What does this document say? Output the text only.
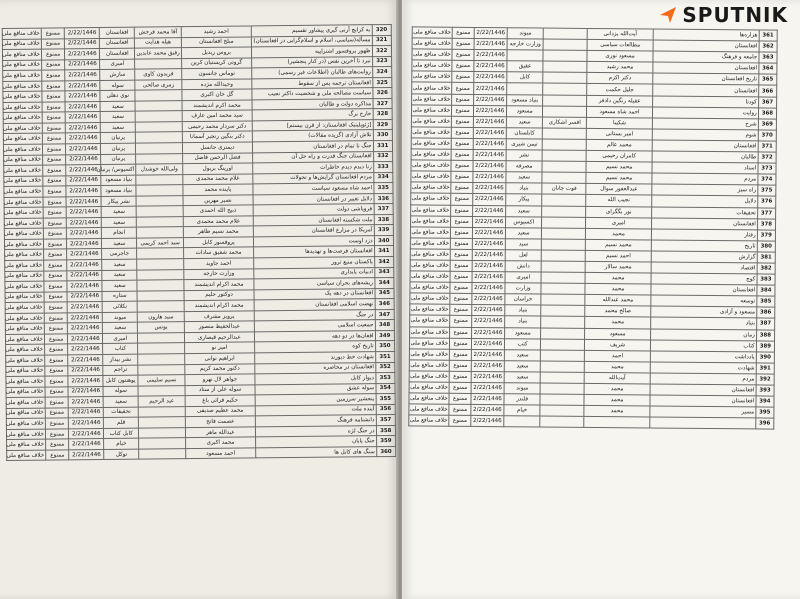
320	به کرایچ آرنی گیری پیشاور تقسیم	احمد رشید	آقا محمد فرجش	افغانستان	2/22/1446	ممنوع	خلاف منافع ملی
321	مسأله(سیاسی، اسلام و اسلام‌گرایی در افغانستان)	مبلخ افغانستان	هیله هدایت	افغانستان	2/22/1446	ممنوع	خلاف منافع ملی
322	ظهور پروفسور اشتراپیه	بروس ریدیل	رفیق محمد عابدین	افغانستان	2/22/1446	ممنوع	خلاف منافع ملی
323	نبرد تا آخرین نفس (در کنار پنجشیر)	گروتی کریستیان کرین		امیری	2/22/1446	ممنوع	خلاف منافع ملی
324	روایت‌های طالبان (اطلاعات غیر رسمی)	توماس جانسون	فریدون کاوی	سازش	2/22/1446	ممنوع	خلاف منافع ملی
325	افغانستان ترجمه پس از سقوط	وحیدالله مژده	زمری صالحی	سوله	2/22/1446	ممنوع	خلاف منافع ملی
326	سیاست مصالحه ملی و شخصیت داکتر نجیب	گل خان اکبری		نوی دهلی	2/22/1446	ممنوع	خلاف منافع ملی
327	مذاکره دولت و طالبان	محمد اکرم اندیشمند		سعید	2/22/1446	ممنوع	خلاف منافع ملی
328	خارج برگ	سید محمد امین عارف		سعید	2/22/1446	ممنوع	خلاف منافع ملی
329	[ژئوپلیتیک افغانستان: از قرن بیستم]	دکتر سردار محمد رحیمی		سعید	2/22/1446	ممنوع	خلاف منافع ملی
330	تلاش آزادی (گزیده مقالات)	دکتر بنگین رنجبر آسمانا		پرنیان	2/22/1446	ممنوع	خلاف منافع ملی
331	جنگ نا تمام در افغانستان	دیمتری جانسل		پرنیان	2/22/1446	ممنوع	خلاف منافع ملی
332	افغانستان جنگ قدرت و راه حل آن	فضل الرحمن فاضل		پرنیان	2/22/1446	ممنوع	خلاف منافع ملی
333	زنا دیدم دیدم خاطرات	اورینگ بربول	ولی‌الله خوشدل	اکسیوس/ پرنیان	2/22/1446	ممنوع	خلاف منافع ملی
334	مردم افغانستان گرایش‌ها و تحولات	غلام محمد محمدی		بنیاد مسعود	2/22/1446	ممنوع	خلاف منافع ملی
335	احمد شاه مسعود سیاست	پاینده محمد		بنیاد مسعود	2/22/1446	ممنوع	خلاف منافع ملی
336	دلایل تغییر در افغانستان	نصیر مهرین		نشر پیکار	2/22/1446	ممنوع	خلاف منافع ملی
337	فروپاشی دولت	ذبیح الله احمدی		سعید	2/22/1446	ممنوع	خلاف منافع ملی
338	ملت شکسته افغانستان	غلام محمد محمدی		سعید	2/22/1446	ممنوع	خلاف منافع ملی
339	آمریکا در مزارع افغانستان	محمد نسیم ظاهر		انجام	2/22/1446	ممنوع	خلاف منافع ملی
340	دزد اوست	پروفسور کابل	سید احمد کریمی	سعید	2/22/1446	ممنوع	خلاف منافع ملی
341	افغانستان فرصت‌ها و تهدیدها	محمد شفیق سادات		جاجرمی	2/22/1446	ممنوع	خلاف منافع ملی
342	پاکستان منبع ترور	احمد جاوید		سعید	2/22/1446	ممنوع	خلاف منافع ملی
343	ادبیات پایداری	وزارت خارجه		سعید	2/22/1446	ممنوع	خلاف منافع ملی
344	ریشه‌های بحران سیاسی	محمد اکرام اندیشمند		سعید	2/22/1446	ممنوع	خلاف منافع ملی
345	افغانستان در دهه یک	دوکتور حلیم		ستاره	2/22/1446	ممنوع	خلاف منافع ملی
346	نهضت اسلامی افغانستان	محمد اکرام اندیشمند		نکلائی	2/22/1446	ممنوع	خلاف منافع ملی
347	در جنگ	پرویز مشرف	سید هارون	میوند	2/22/1446	ممنوع	خلاف منافع ملی
348	جمعیت اسلامی	عبدالحفیظ منصور	یونس	سعید	2/22/1446	ممنوع	خلاف منافع ملی
349	افغان‌ها در دو دهه	عبدالرحیم قیصاری		امیری	2/22/1446	ممنوع	خلاف منافع ملی
350	تاریخ کوه	امیر نو		کتاب	2/22/1446	ممنوع	خلاف منافع ملی
351	شهادت خط دیورند	ابراهیم نوابی		نشر بیدار	2/22/1446	ممنوع	خلاف منافع ملی
352	افغانستان در محاصره	دکتور محمد کریم		تراجم	2/22/1446	ممنوع	خلاف منافع ملی
353	دیوار کابل	جواهر لال نهرو	نسیم سلیمی	پوهنتون کابل	2/22/1446	ممنوع	خلاف منافع ملی
354	سوله عشق	سوله علی از ستاد		سوله	2/22/1446	ممنوع	خلاف منافع ملی
355	پنجشیر سرزمین	حکیم قرائی باغ	عبد الرحیم	سعید	2/22/1446	ممنوع	خلاف منافع ملی
356	آینده ملت	محمد عظیم صدیقی		تحقیقات	2/22/1446	ممنوع	خلاف منافع ملی
357	دانشنامه فرهنگ	عصمت فاتح		قلم	2/22/1446	ممنوع	خلاف منافع ملی
358	در جنگ لژه	عبدالله ماهر		کابل کتاب	2/22/1446	ممنوع	خلاف منافع ملی
359	جنگ پایان	محمد اکبری		خیام	2/22/1446	ممنوع	خلاف منافع ملی
360	سنگ های کابل ها	احمد مسعود		توکل	2/22/1446	ممنوع	خلاف منافع ملی
SPUTNIK
361	هزاره‌ها	آیت‌الله یزدانی		میوند	2/22/1446	ممنوع	خلاف منافع ملی
362	افغانستان	مطالعات سیاسی		وزارت خارجه	2/22/1446	ممنوع	خلاف منافع ملی
363	جامعه و فرهنگ	مسعود نوری			2/22/1446	ممنوع	خلاف منافع ملی
364	افغانستان	محمد رشید		عقیق	2/22/1446	ممنوع	خلاف منافع ملی
365	تاریخ افغانستان	دکتر اکرم		کابل	2/22/1446	ممنوع	خلاف منافع ملی
366	افغانستان	جلیل حکمت			2/22/1446	ممنوع	خلاف منافع ملی
367	کودتا	عقیله رنگین دادفر		بنیاد مسعود	2/22/1446	ممنوع	خلاف منافع ملی
368	روایت	احمد شاه مسعود		مسعود	2/22/1446	ممنوع	خلاف منافع ملی
369	شرح	شکیبا	افسر اشکاری	سعید	2/22/1446	ممنوع	خلاف منافع ملی
370	شوم	امیر بستانی		کابلستان	2/22/1446	ممنوع	خلاف منافع ملی
371	افغانستان	محمد عالم		تیمن شیری	2/22/1446	ممنوع	خلاف منافع ملی
372	طالبان	کامران رحیمی		نشر	2/22/1446	ممنوع	خلاف منافع ملی
373	استاد	محمد نسیم		مصرفه	2/22/1446	ممنوع	خلاف منافع ملی
374	مردم	محمد نسیم		سعید	2/22/1446	ممنوع	خلاف منافع ملی
375	راه سیز	عبدالغفور سوال	فوت جانان	بنیاد	2/22/1446	ممنوع	خلاف منافع ملی
376	دلایل	نجیب الله		پیکار	2/22/1446	ممنوع	خلاف منافع ملی
377	تحقیقات	نور بگگرای		سعید	2/22/1446	ممنوع	خلاف منافع ملی
378	افغانستان	امیری		اکسیوس	2/22/1446	ممنوع	خلاف منافع ملی
379	رفتار	محمد		سعید	2/22/1446	ممنوع	خلاف منافع ملی
380	تاریخ	محمد نسیم		سید	2/22/1446	ممنوع	خلاف منافع ملی
381	گزارش	احمد نسیم		لعل	2/22/1446	ممنوع	خلاف منافع ملی
382	اقتصاد	محمد سالار		دانش	2/22/1446	ممنوع	خلاف منافع ملی
383	کوچ	محمد		امیری	2/22/1446	ممنوع	خلاف منافع ملی
384	افغانستان	محمد		وزارت	2/22/1446	ممنوع	خلاف منافع ملی
385	توسعه	محمد عبدالله		خراسان	2/22/1446	ممنوع	خلاف منافع ملی
386	مسعود و آزادی	صالح محمد		بنیاد	2/22/1446	ممنوع	خلاف منافع ملی
387	بنیاد	محمد		بنیاد	2/22/1446	ممنوع	خلاف منافع ملی
388	زمان	مسعود		مسعود	2/22/1446	ممنوع	خلاف منافع ملی
389	کتاب	شریف		کتب	2/22/1446	ممنوع	خلاف منافع ملی
390	یادداشت	احمد		سعید	2/22/1446	ممنوع	خلاف منافع ملی
391	شهادت	محمد		سعید	2/22/1446	ممنوع	خلاف منافع ملی
392	مردم	آیت‌الله		سعید	2/22/1446	ممنوع	خلاف منافع ملی
393	افغانستان	محمد		میوند	2/22/1446	ممنوع	خلاف منافع ملی
394	افغانستان	محمد		قلندر	2/22/1446	ممنوع	خلاف منافع ملی
395	مسیر	محمد		خیام	2/22/1446	ممنوع	خلاف منافع ملی
396					2/22/1446	ممنوع	خلاف منافع ملی
